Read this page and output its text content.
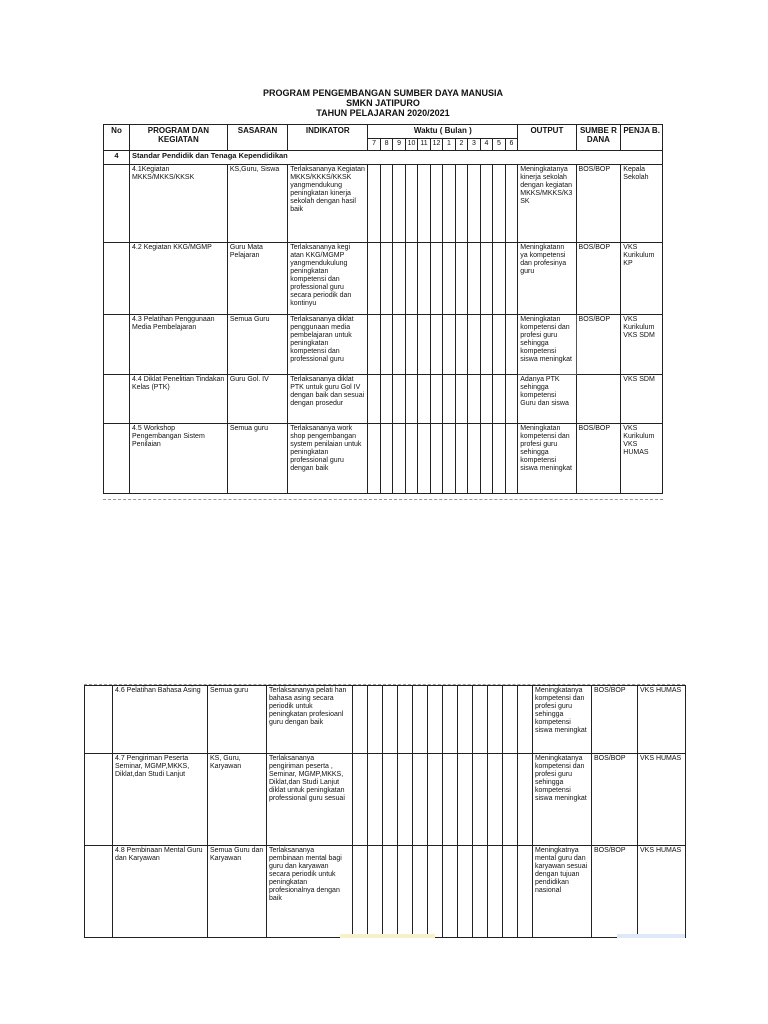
PROGRAM PENGEMBANGAN SUMBER DAYA MANUSIA
SMKN JATIPURO
TAHUN PELAJARAN 2020/2021
No	PROGRAM DAN KEGIATAN	SASARAN	INDIKATOR	Waktu ( Bulan )												OUTPUT	SUMBE R DANA	PENJA B.
				7	8	9	10	11	12	1	2	3	4	5	6			
4	Standar Pendidik dan Tenaga Kependidikan																	
	4.1Kegiatan MKKS/MKKS/KKSK	KS,Guru, Siswa	Terlaksananya Kegiatan MKKS/KKKS/KKSK yangmendukung peningkatan kinerja sekolah dengan hasil baik													Meningkatanya kinerja sekolah dengan kegiatan MKKS/MKKS/K3 SK	BOS/BOP	Kepala Sekolah
	4.2 Kegiatan KKG/MGMP	Guru Mata Pelajaran	Terlaksananya kegi atan KKG/MGMP yangmendukulung peningkatan kompetensi dan professional guru secara periodik dan kontinyu													Meningkatann ya kompetensi dan profesinya guru	BOS/BOP	VKS Kurikulum KP
	4.3 Pelatihan Penggunaan Media Pembelajaran	Semua Guru	Terlaksananya diklat penggunaan media pembelajaran untuk peningkatan kompetensi dan professional guru													Meningkatan kompetensi dan profesi guru sehingga kompetensi siswa meningkat	BOS/BOP	VKS Kurikulum VKS SDM
	4.4 Diklat Penelitian Tindakan Kelas (PTK)	Guru Gol. IV	Terlaksananya diklat PTK untuk guru Gol IV dengan baik dan sesuai dengan prosedur													Adanya PTK sehingga kompetensi Guru dan siswa		VKS SDM
	4.5 Workshop Pengembangan Sistem Penilaian	Semua guru	Terlaksananya work shop pengembangan system penilaian untuk peningkatan professional guru dengan baik													Meningkatan kompetensi dan profesi guru sehingga kompetensi siswa meningkat	BOS/BOP	VKS Kurikulum VKS HUMAS
	4.6 Pelatihan Bahasa Asing	Semua guru	Terlaksananya pelati han bahasa asing secara periodik untuk peningkatan profesioanl guru dengan baik													Meningkatanya kompetensi dan profesi guru sehingga kompetensi siswa meningkat	BOS/BOP	VKS HUMAS
	4.7 Pengiriman Peserta Seminar, MGMP,MKKS, Diklat,dan Studi Lanjut	KS, Guru, Karyawan	Terlaksananya pengiriman peserta , Seminar, MGMP,MKKS, Diklat,dan Studi Lanjut diklat untuk peningkatan professional guru sesuai													Meningkatanya kompetensi dan profesi guru sehingga kompetensi siswa meningkat	BOS/BOP	VKS HUMAS
	4.8 Pembinaan Mental Guru dan Karyawan	Semua Guru dan Karyawan	Terlaksananya pembinaan mental bagi guru dan karyawan secara periodik untuk peningkatan profesionalnya dengan baik													Meningkatnya mental guru dan karyawan sesuai dengan tujuan pendidikan nasional	BOS/BOP	VKS HUMAS
